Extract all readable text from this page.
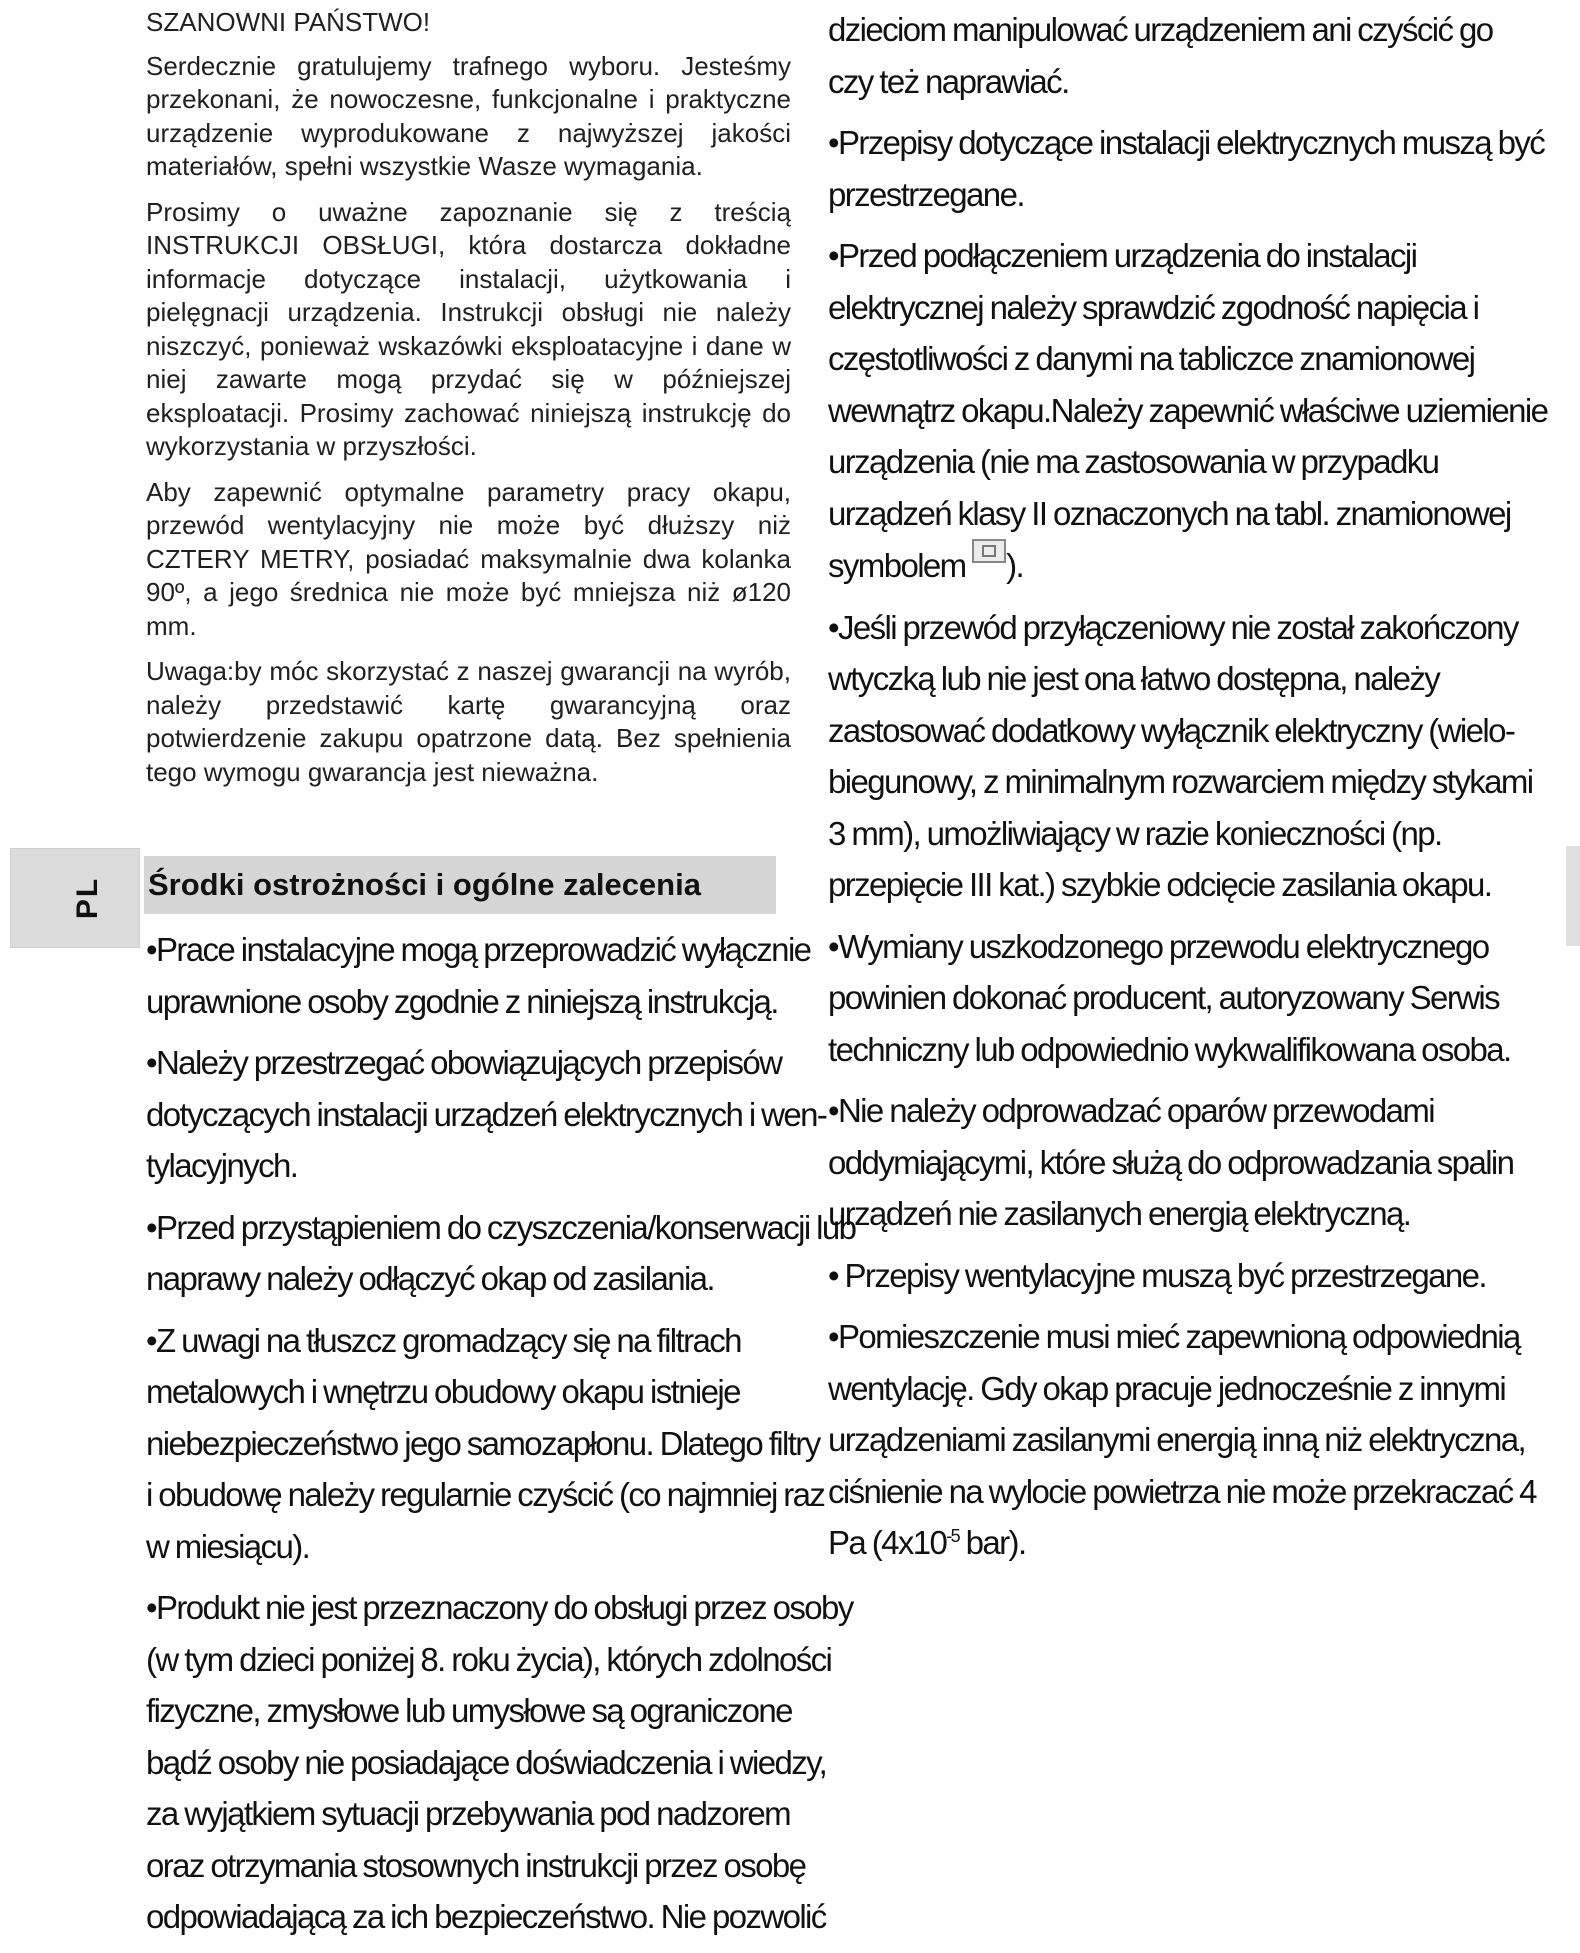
PL

SZANOWNI PAŃSTWO!

Serdecznie gratulujemy trafnego wyboru. Jesteśmy przekonani, że nowoczesne, funkcjonalne i praktyczne urządzenie wyprodukowane z najwyższej jakości materiałów, spełni wszystkie Wasze wymagania.

Prosimy o uważne zapoznanie się z treścią INSTRUKCJI OBSŁUGI, która dostarcza dokładne informacje dotyczące instalacji, użytkowania i pielęgnacji urządzenia. Instrukcji obsługi nie należy niszczyć, ponieważ wskazówki eksploatacyjne i dane w niej zawarte mogą przydać się w późniejszej eksploatacji. Prosimy zachować niniejszą instrukcję do wykorzystania w przyszłości.

Aby zapewnić optymalne parametry pracy okapu, przewód wentylacyjny nie może być dłuższy niż CZTERY METRY, posiadać maksymalnie dwa kolanka 90º, a jego średnica nie może być mniejsza niż ø120 mm.

Uwaga:by móc skorzystać z naszej gwarancji na wyrób, należy przedstawić kartę gwarancyjną oraz potwierdzenie zakupu opatrzone datą. Bez spełnienia tego wymogu gwarancja jest nieważna.

Środki ostrożności i ogólne zalecenia

•Prace instalacyjne mogą przeprowadzić wyłącznie
uprawnione osoby zgodnie z niniejszą instrukcją.

•Należy przestrzegać obowiązujących przepisów
dotyczących instalacji urządzeń elektrycznych i wen-
tylacyjnych.

•Przed przystąpieniem do czyszczenia/konserwacji lub
naprawy należy odłączyć okap od zasilania.

•Z uwagi na tłuszcz gromadzący się na filtrach
metalowych i wnętrzu obudowy okapu istnieje
niebezpieczeństwo jego samozapłonu. Dlatego filtry
i obudowę należy regularnie czyścić (co najmniej raz
w miesiącu).

•Produkt nie jest przeznaczony do obsługi przez osoby
(w tym dzieci poniżej 8. roku życia), których zdolności
fizyczne, zmysłowe lub umysłowe są ograniczone
bądź osoby nie posiadające doświadczenia i wiedzy,
za wyjątkiem sytuacji przebywania pod nadzorem
oraz otrzymania stosownych instrukcji przez osobę
odpowiadającą za ich bezpieczeństwo. Nie pozwolić

dzieciom manipulować urządzeniem ani czyścić go
czy też naprawiać.

•Przepisy dotyczące instalacji elektrycznych muszą być
przestrzegane.

•Przed podłączeniem urządzenia do instalacji
elektrycznej należy sprawdzić zgodność napięcia i
częstotliwości z danymi na tabliczce znamionowej
wewnątrz okapu.Należy zapewnić właściwe uziemienie
urządzenia (nie ma zastosowania w przypadku
urządzeń klasy II oznaczonych na tabl. znamionowej
symbolem ).

•Jeśli przewód przyłączeniowy nie został zakończony
wtyczką lub nie jest ona łatwo dostępna, należy
zastosować dodatkowy wyłącznik elektryczny (wielo-
biegunowy, z minimalnym rozwarciem między stykami
3 mm), umożliwiający w razie konieczności (np.
przepięcie III kat.) szybkie odcięcie zasilania okapu.

•Wymiany uszkodzonego przewodu elektrycznego
powinien dokonać producent, autoryzowany Serwis
techniczny lub odpowiednio wykwalifikowana osoba.

•Nie należy odprowadzać oparów przewodami
oddymiającymi, które służą do odprowadzania spalin
urządzeń nie zasilanych energią elektryczną.

• Przepisy wentylacyjne muszą być przestrzegane.

•Pomieszczenie musi mieć zapewnioną odpowiednią
wentylację. Gdy okap pracuje jednocześnie z innymi
urządzeniami zasilanymi energią inną niż elektryczna,
ciśnienie na wylocie powietrza nie może przekraczać 4
Pa ($4x10^{-5}$ bar).
